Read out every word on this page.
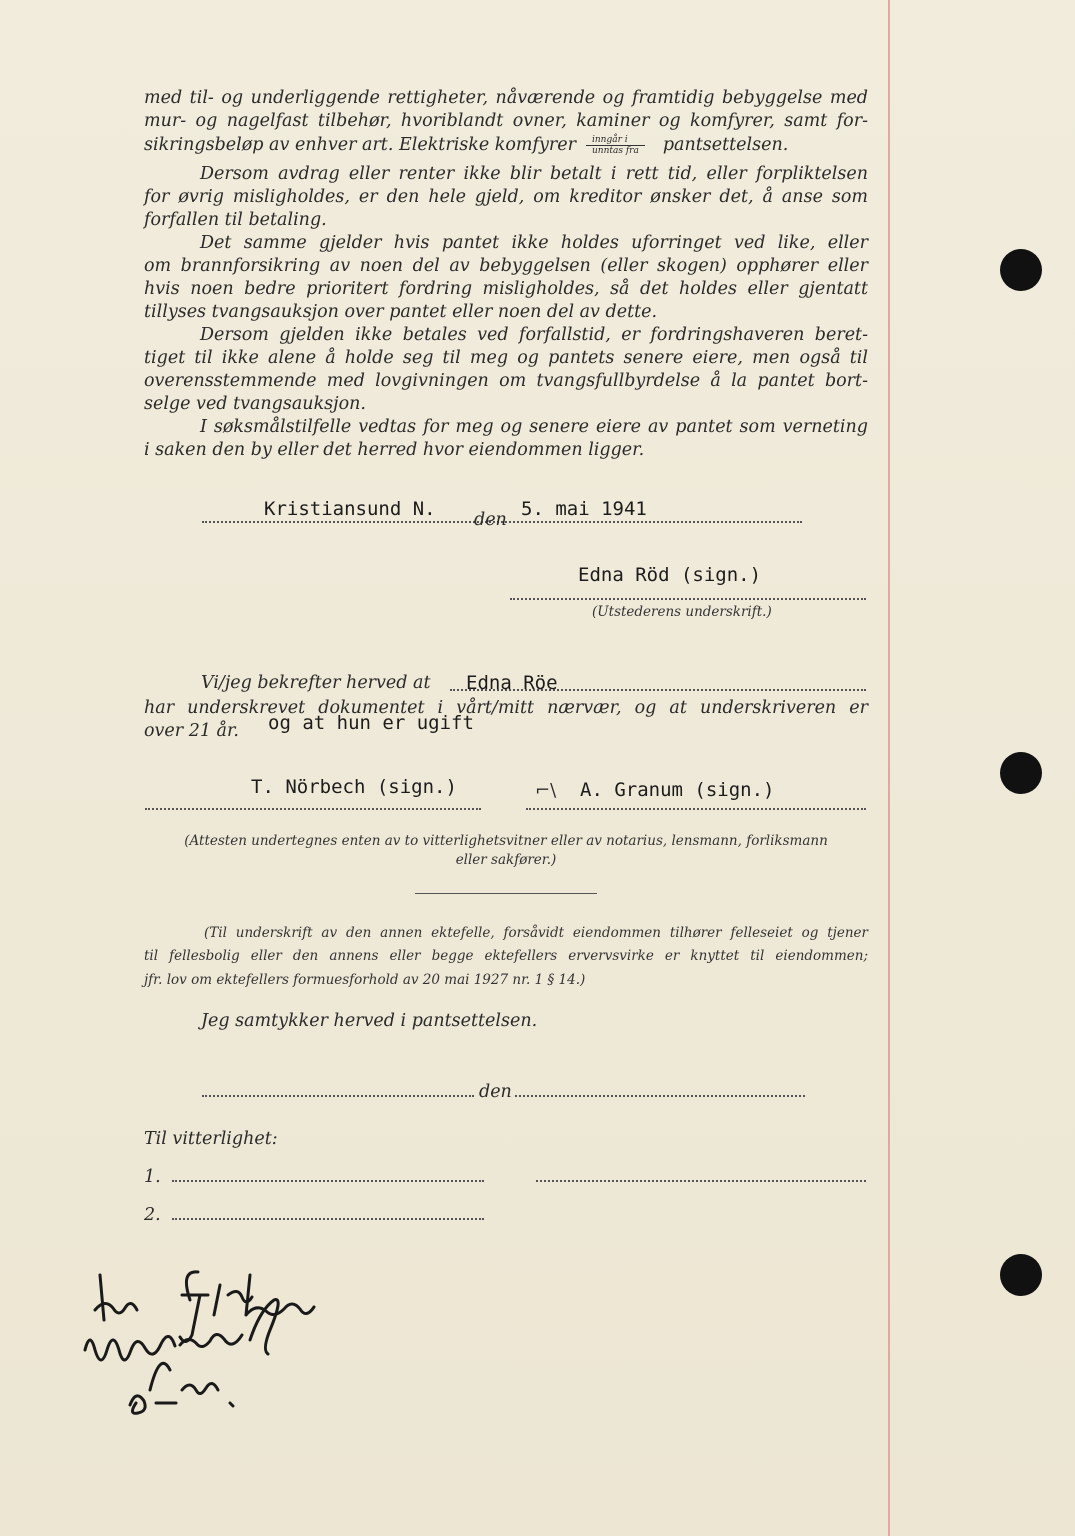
med til- og underliggende rettigheter, nåværende og framtidig bebyggelse med
mur- og nagelfast tilbehør, hvoriblandt ovner, kaminer og komfyrer, samt for-
sikringsbeløp av enhver art. Elektriske komfyrer $\frac{\text{inngår i}}{\text{unntas fra}}$ pantsettelsen.
Dersom avdrag eller renter ikke blir betalt i rett tid, eller forpliktelsen
for øvrig misligholdes, er den hele gjeld, om kreditor ønsker det, å anse som
forfallen til betaling.
Det samme gjelder hvis pantet ikke holdes uforringet ved like, eller
om brannforsikring av noen del av bebyggelsen (eller skogen) opphører eller
hvis noen bedre prioritert fordring misligholdes, så det holdes eller gjentatt
tillyses tvangsauksjon over pantet eller noen del av dette.
Dersom gjelden ikke betales ved forfallstid, er fordringshaveren beret-
tiget til ikke alene å holde seg til meg og pantets senere eiere, men også til
overensstemmende med lovgivningen om tvangsfullbyrdelse å la pantet bort-
selge ved tvangsauksjon.
I søksmålstilfelle vedtas for meg og senere eiere av pantet som verneting
i saken den by eller det herred hvor eiendommen ligger.
Kristiansund N. den 5. mai 1941
Edna Röd (sign.)
(Utstederens underskrift.)
Vi/jeg bekrefter herved at Edna Röe
har underskrevet dokumentet i vårt/mitt nærvær, og at underskriveren er
over 21 år. og at hun er ugift
T. Nörbech (sign.)	⌐\ A. Granum (sign.)
(Attesten undertegnes enten av to vitterlighetsvitner eller av notarius, lensmann, forliksmann
eller sakfører.)
(Til underskrift av den annen ektefelle, forsåvidt eiendommen tilhører felleseiet og tjener
til fellesbolig eller den annens eller begge ektefellers ervervsvirke er knyttet til eiendommen;
jfr. lov om ektefellers formuesforhold av 20 mai 1927 nr. 1 § 14.)
Jeg samtykker herved i pantsettelsen.
den
Til vitterlighet:
1.
2.
